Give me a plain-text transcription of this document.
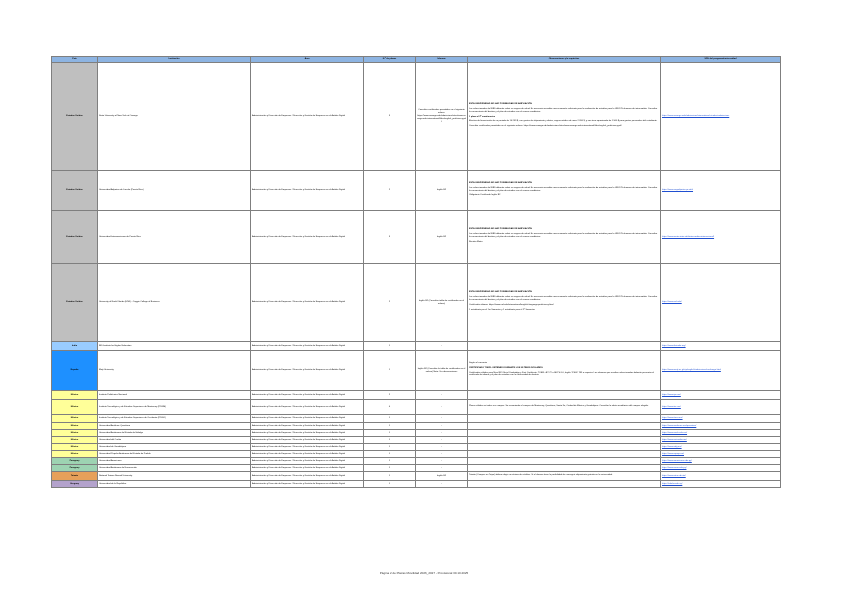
País	Institución	Área	N.º de plazas	Idiomas	Observaciones y/o requisitos	URL del programa/universidad
Estados Unidos	State University of New York at Oswego	Administración y Dirección de Empresas / Dirección y Gestión de Empresas en el Ámbito Digital	3	Consultar certificados permitidos en el siguiente enlace: https://www.oswego.edu/admissions/sites/www.oswego.edu.international/files/english_proficiency.pdf	ESTA UNIVERSIDAD NO HAY POSIBILIDAD DE AMPLIACIÓN

Los seleccionados de IEBS deberán cubrir un seguro de salud. Es necesario acreditar una economía suficiente para la realización de estudios para la UIB 125 alumnos de intercambio. Consultar la convocatoria del destino y el plan de estudios con el asesor académico.

1 plaza el 2º cuatrimestre

Efectivo de financiación de un periodo de 10.259 $, con gastos de alojamiento y dietas, seguro médico de unos 2.260 $, y uno tasa aproximada de 1.500 $ para gastos personales del estudiante.

Consultar certificados permitidos en el siguiente enlace: https://www.oswego.edu/admissions/sites/www.oswego.edu.international/files/english_proficiency.pdf	https://www.oswego.edu/admissions/international-student-admissions
Estados Unidos	Universidad Adjuntas de Lincoln (Puerto Rico)	Administración y Dirección de Empresas / Dirección y Gestión de Empresas en el Ámbito Digital	2	Inglés B2	ESTA UNIVERSIDAD NO HAY POSIBILIDAD DE AMPLIACIÓN

Los seleccionados de IEBS deberán cubrir un seguro de salud. Es necesario acreditar una economía suficiente para la realización de estudios para la UIB 125 alumnos de intercambio. Consultar la convocatoria del destino y el plan de estudios con el asesor académico.

Obligatorio Certificado Inglés B2	https://www.uagadjuntas.pr.edu/
Estados Unidos	Universidad Interamericana de Puerto Rico	Administración y Dirección de Empresas / Dirección y Gestión de Empresas en el Ámbito Digital	3	Inglés B2	ESTA UNIVERSIDAD NO HAY POSIBILIDAD DE AMPLIACIÓN

Los seleccionados de IEBS deberán cubrir un seguro de salud. Es necesario acreditar una economía suficiente para la realización de estudios para la UIB 125 alumnos de intercambio. Consultar la convocatoria del destino y el plan de estudios con el asesor académico.

Recinto Metro	https://www.metro.inter.edu/intercambio-internacional/
Estados Unidos	University of North Florida (UNF) - Coggin College of Business	Administración y Dirección de Empresas / Dirección y Gestión de Empresas en el Ámbito Digital	2	Inglés B2 (Consultar tabla de certificados en el enlace)	ESTA UNIVERSIDAD NO HAY POSIBILIDAD DE AMPLIACIÓN

Los seleccionados de IEBS deberán cubrir un seguro de salud. Es necesario acreditar una economía suficiente para la realización de estudios para la UIB 125 alumnos de intercambio. Consultar la convocatoria del destino y el plan de estudios con el asesor académico.

Certificados idioma: https://www.unf.edu/international/english-language-proficiency.html

1 estudiante por el 1er Semestre y 1 estudiante para el 2º Semestre	https://www.unf.edu/
India	IBS Institute for Higher Education	Administración y Dirección de Empresas / Dirección y Gestión de Empresas en el Ámbito Digital	1	-		https://www.ibsindia.org/
España	Meiji University	Administración y Dirección de Empresas / Dirección y Gestión de Empresas en el Ámbito Digital	1	Inglés B2 (Consultar la tabla de certificados en el enlace) Nota: Ver observaciones	Según el convenio

CERTIFICADO TOEFL OBTENIDO DURANTE LOS ÚLTIMOS DOS AÑOS

Certificados válidos para Nivel B2 Oficial Cambridge y First Certificate, TOEFL iBT 72 o IELTS 6.0, Inglés TOEIC 785 o superior. Los alumnos que resulten seleccionados deberán presentar el certificado de idioma y el plan de estudios con la universidad de destino.	https://www.meiji.ac.jp/cip/english/admissions/exchange.html
México	Instituto Politécnico Nacional	Administración y Dirección de Empresas / Dirección y Gestión de Empresas en el Ámbito Digital	2	-		https://www.ipn.mx/
México	Instituto Tecnológico y de Estudios Superiores de Monterrey (ITESM)	Administración y Dirección de Empresas / Dirección y Gestión de Empresas en el Ámbito Digital	4	-	Plazas válidas en todos sus campus. Se recomienda el campus de Monterrey, Querétaro, Santa Fe, Ciudad de México y Guadalajara. Consultar la oferta académica del campus elegido.	https://www.tec.mx/
México	Instituto Tecnológico y de Estudios Superiores de Occidente (ITESO)	Administración y Dirección de Empresas / Dirección y Gestión de Empresas en el Ámbito Digital	1	-		https://www.iteso.mx/
México	Universidad Anáhuac Querétaro	Administración y Dirección de Empresas / Dirección y Gestión de Empresas en el Ámbito Digital	1	-		https://www.anahuac.mx/queretaro/
México	Universidad Autónoma del Estado de Hidalgo	Administración y Dirección de Empresas / Dirección y Gestión de Empresas en el Ámbito Digital	1	-		https://www.uaeh.edu.mx/
México	Universidad del Caribe	Administración y Dirección de Empresas / Dirección y Gestión de Empresas en el Ámbito Digital	1	-		https://www.unicaribe.mx/
México	Universidad de Guadalajara	Administración y Dirección de Empresas / Dirección y Gestión de Empresas en el Ámbito Digital	1	-		https://www.udg.mx/
México	Universidad Popular Autónoma del Estado de Puebla	Administración y Dirección de Empresas / Dirección y Gestión de Empresas en el Ámbito Digital	1	-		https://www.upaep.mx/
Paraguay	Universidad Americana	Administración y Dirección de Empresas / Dirección y Gestión de Empresas en el Ámbito Digital	1	-		https://www.americana.edu.py/
Paraguay	Universidad Autónoma de Encarnación	Administración y Dirección de Empresas / Dirección y Gestión de Empresas en el Ámbito Digital	1	-		https://www.unae.edu.py/
Taiwán	National Taiwan Normal University	Administración y Dirección de Empresas / Dirección y Gestión de Empresas en el Ámbito Digital	1	Inglés B2	Taiwán (Campus en Taipei) deben elegir un mínimo de créditos. Si el alumno tiene la posibilidad de conseguir alojamiento gratuito en la universidad.	https://www.ntnu.edu.tw/
Uruguay	Universidad de la República	Administración y Dirección de Empresas / Dirección y Gestión de Empresas en el Ámbito Digital	1	-		https://udelar.edu.uy/
Página 2 de Plazas Movilidad 2026_2027 - Provisional 30.10.2025
